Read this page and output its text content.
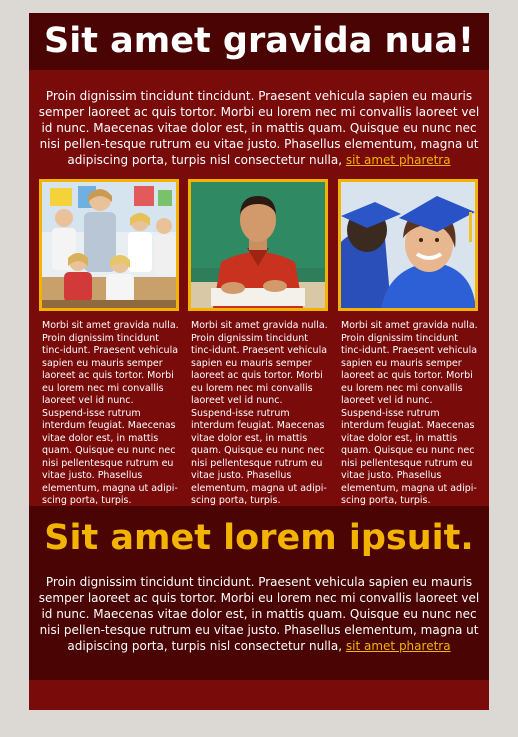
Sit amet gravida nua!
Proin dignissim tincidunt tincidunt. Praesent vehicula sapien eu mauris semper laoreet ac quis tortor. Morbi eu lorem nec mi convallis laoreet vel id nunc. Maecenas vitae dolor est, in mattis quam. Quisque eu nunc nec nisi pellen-tesque rutrum eu vitae justo. Phasellus elementum, magna ut adipiscing porta, turpis nisl consectetur nulla, sit amet pharetra
Morbi sit amet gravida nulla. Proin dignissim tincidunt tinc-idunt. Praesent vehicula sapien eu mauris semper laoreet ac quis tortor. Morbi eu lorem nec mi convallis laoreet vel id nunc. Suspend-isse rutrum interdum feugiat. Maecenas vitae dolor est, in mattis quam. Quisque eu nunc nec nisi pellentesque rutrum eu vitae justo. Phasellus elementum, magna ut adipi-scing porta, turpis.
Morbi sit amet gravida nulla. Proin dignissim tincidunt tinc-idunt. Praesent vehicula sapien eu mauris semper laoreet ac quis tortor. Morbi eu lorem nec mi convallis laoreet vel id nunc. Suspend-isse rutrum interdum feugiat. Maecenas vitae dolor est, in mattis quam. Quisque eu nunc nec nisi pellentesque rutrum eu vitae justo. Phasellus elementum, magna ut adipi-scing porta, turpis.
Morbi sit amet gravida nulla. Proin dignissim tincidunt tinc-idunt. Praesent vehicula sapien eu mauris semper laoreet ac quis tortor. Morbi eu lorem nec mi convallis laoreet vel id nunc. Suspend-isse rutrum interdum feugiat. Maecenas vitae dolor est, in mattis quam. Quisque eu nunc nec nisi pellentesque rutrum eu vitae justo. Phasellus elementum, magna ut adipi-scing porta, turpis.
Sit amet lorem ipsuit.
Proin dignissim tincidunt tincidunt. Praesent vehicula sapien eu mauris semper laoreet ac quis tortor. Morbi eu lorem nec mi convallis laoreet vel id nunc. Maecenas vitae dolor est, in mattis quam. Quisque eu nunc nec nisi pellen-tesque rutrum eu vitae justo. Phasellus elementum, magna ut adipiscing porta, turpis nisl consectetur nulla, sit amet pharetra
